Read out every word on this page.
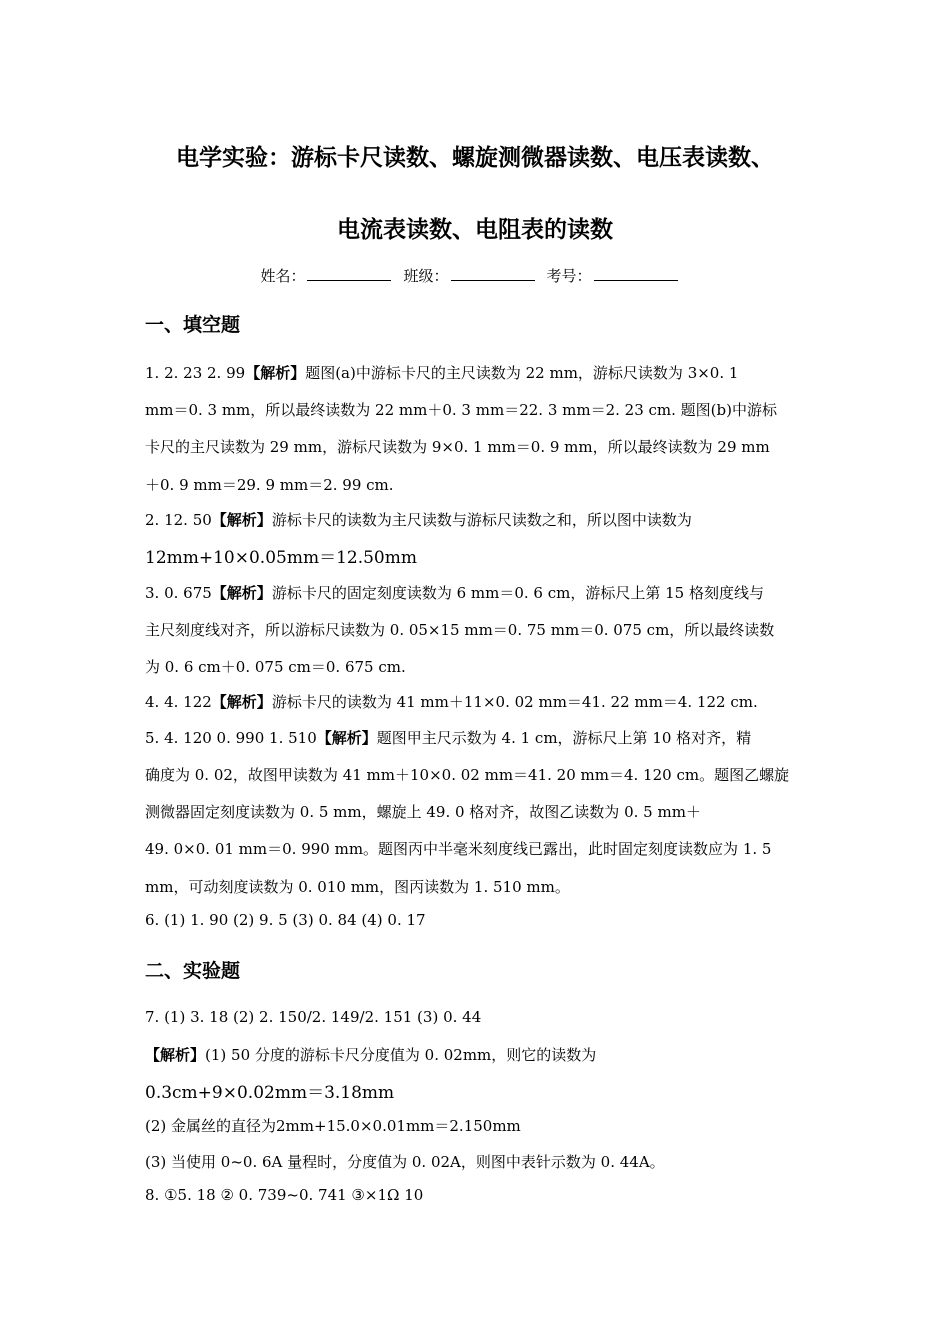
电学实验：游标卡尺读数、螺旋测微器读数、电压表读数、
电流表读数、电阻表的读数
姓名：	班级：	考号：
一、填空题
1. 2. 23 2. 99【解析】题图(a)中游标卡尺的主尺读数为 22 mm，游标尺读数为 3×0. 1
mm＝0. 3 mm，所以最终读数为 22 mm＋0. 3 mm＝22. 3 mm＝2. 23 cm. 题图(b)中游标
卡尺的主尺读数为 29 mm，游标尺读数为 9×0. 1 mm＝0. 9 mm，所以最终读数为 29 mm
＋0. 9 mm＝29. 9 mm＝2. 99 cm.
2. 12. 50【解析】游标卡尺的读数为主尺读数与游标尺读数之和，所以图中读数为
12mm+10×0.05mm＝12.50mm
3. 0. 675【解析】游标卡尺的固定刻度读数为 6 mm＝0. 6 cm，游标尺上第 15 格刻度线与
主尺刻度线对齐，所以游标尺读数为 0. 05×15 mm＝0. 75 mm＝0. 075 cm，所以最终读数
为 0. 6 cm＋0. 075 cm＝0. 675 cm.
4. 4. 122【解析】游标卡尺的读数为 41 mm＋11×0. 02 mm＝41. 22 mm＝4. 122 cm.
5. 4. 120 0. 990 1. 510【解析】题图甲主尺示数为 4. 1 cm，游标尺上第 10 格对齐，精
确度为 0. 02，故图甲读数为 41 mm＋10×0. 02 mm＝41. 20 mm＝4. 120 cm。题图乙螺旋
测微器固定刻度读数为 0. 5 mm，螺旋上 49. 0 格对齐，故图乙读数为 0. 5 mm＋
49. 0×0. 01 mm＝0. 990 mm。题图丙中半毫米刻度线已露出，此时固定刻度读数应为 1. 5
mm，可动刻度读数为 0. 010 mm，图丙读数为 1. 510 mm。
6. (1) 1. 90 (2) 9. 5 (3) 0. 84 (4) 0. 17
二、实验题
7. (1) 3. 18 (2) 2. 150/2. 149/2. 151 (3) 0. 44
【解析】(1) 50 分度的游标卡尺分度值为 0. 02mm，则它的读数为
0.3cm+9×0.02mm＝3.18mm
(2) 金属丝的直径为2mm+15.0×0.01mm＝2.150mm
(3) 当使用 0~0. 6A 量程时，分度值为 0. 02A，则图中表针示数为 0. 44A。
8. ①5. 18 ② 0. 739~0. 741 ③×1Ω 10
